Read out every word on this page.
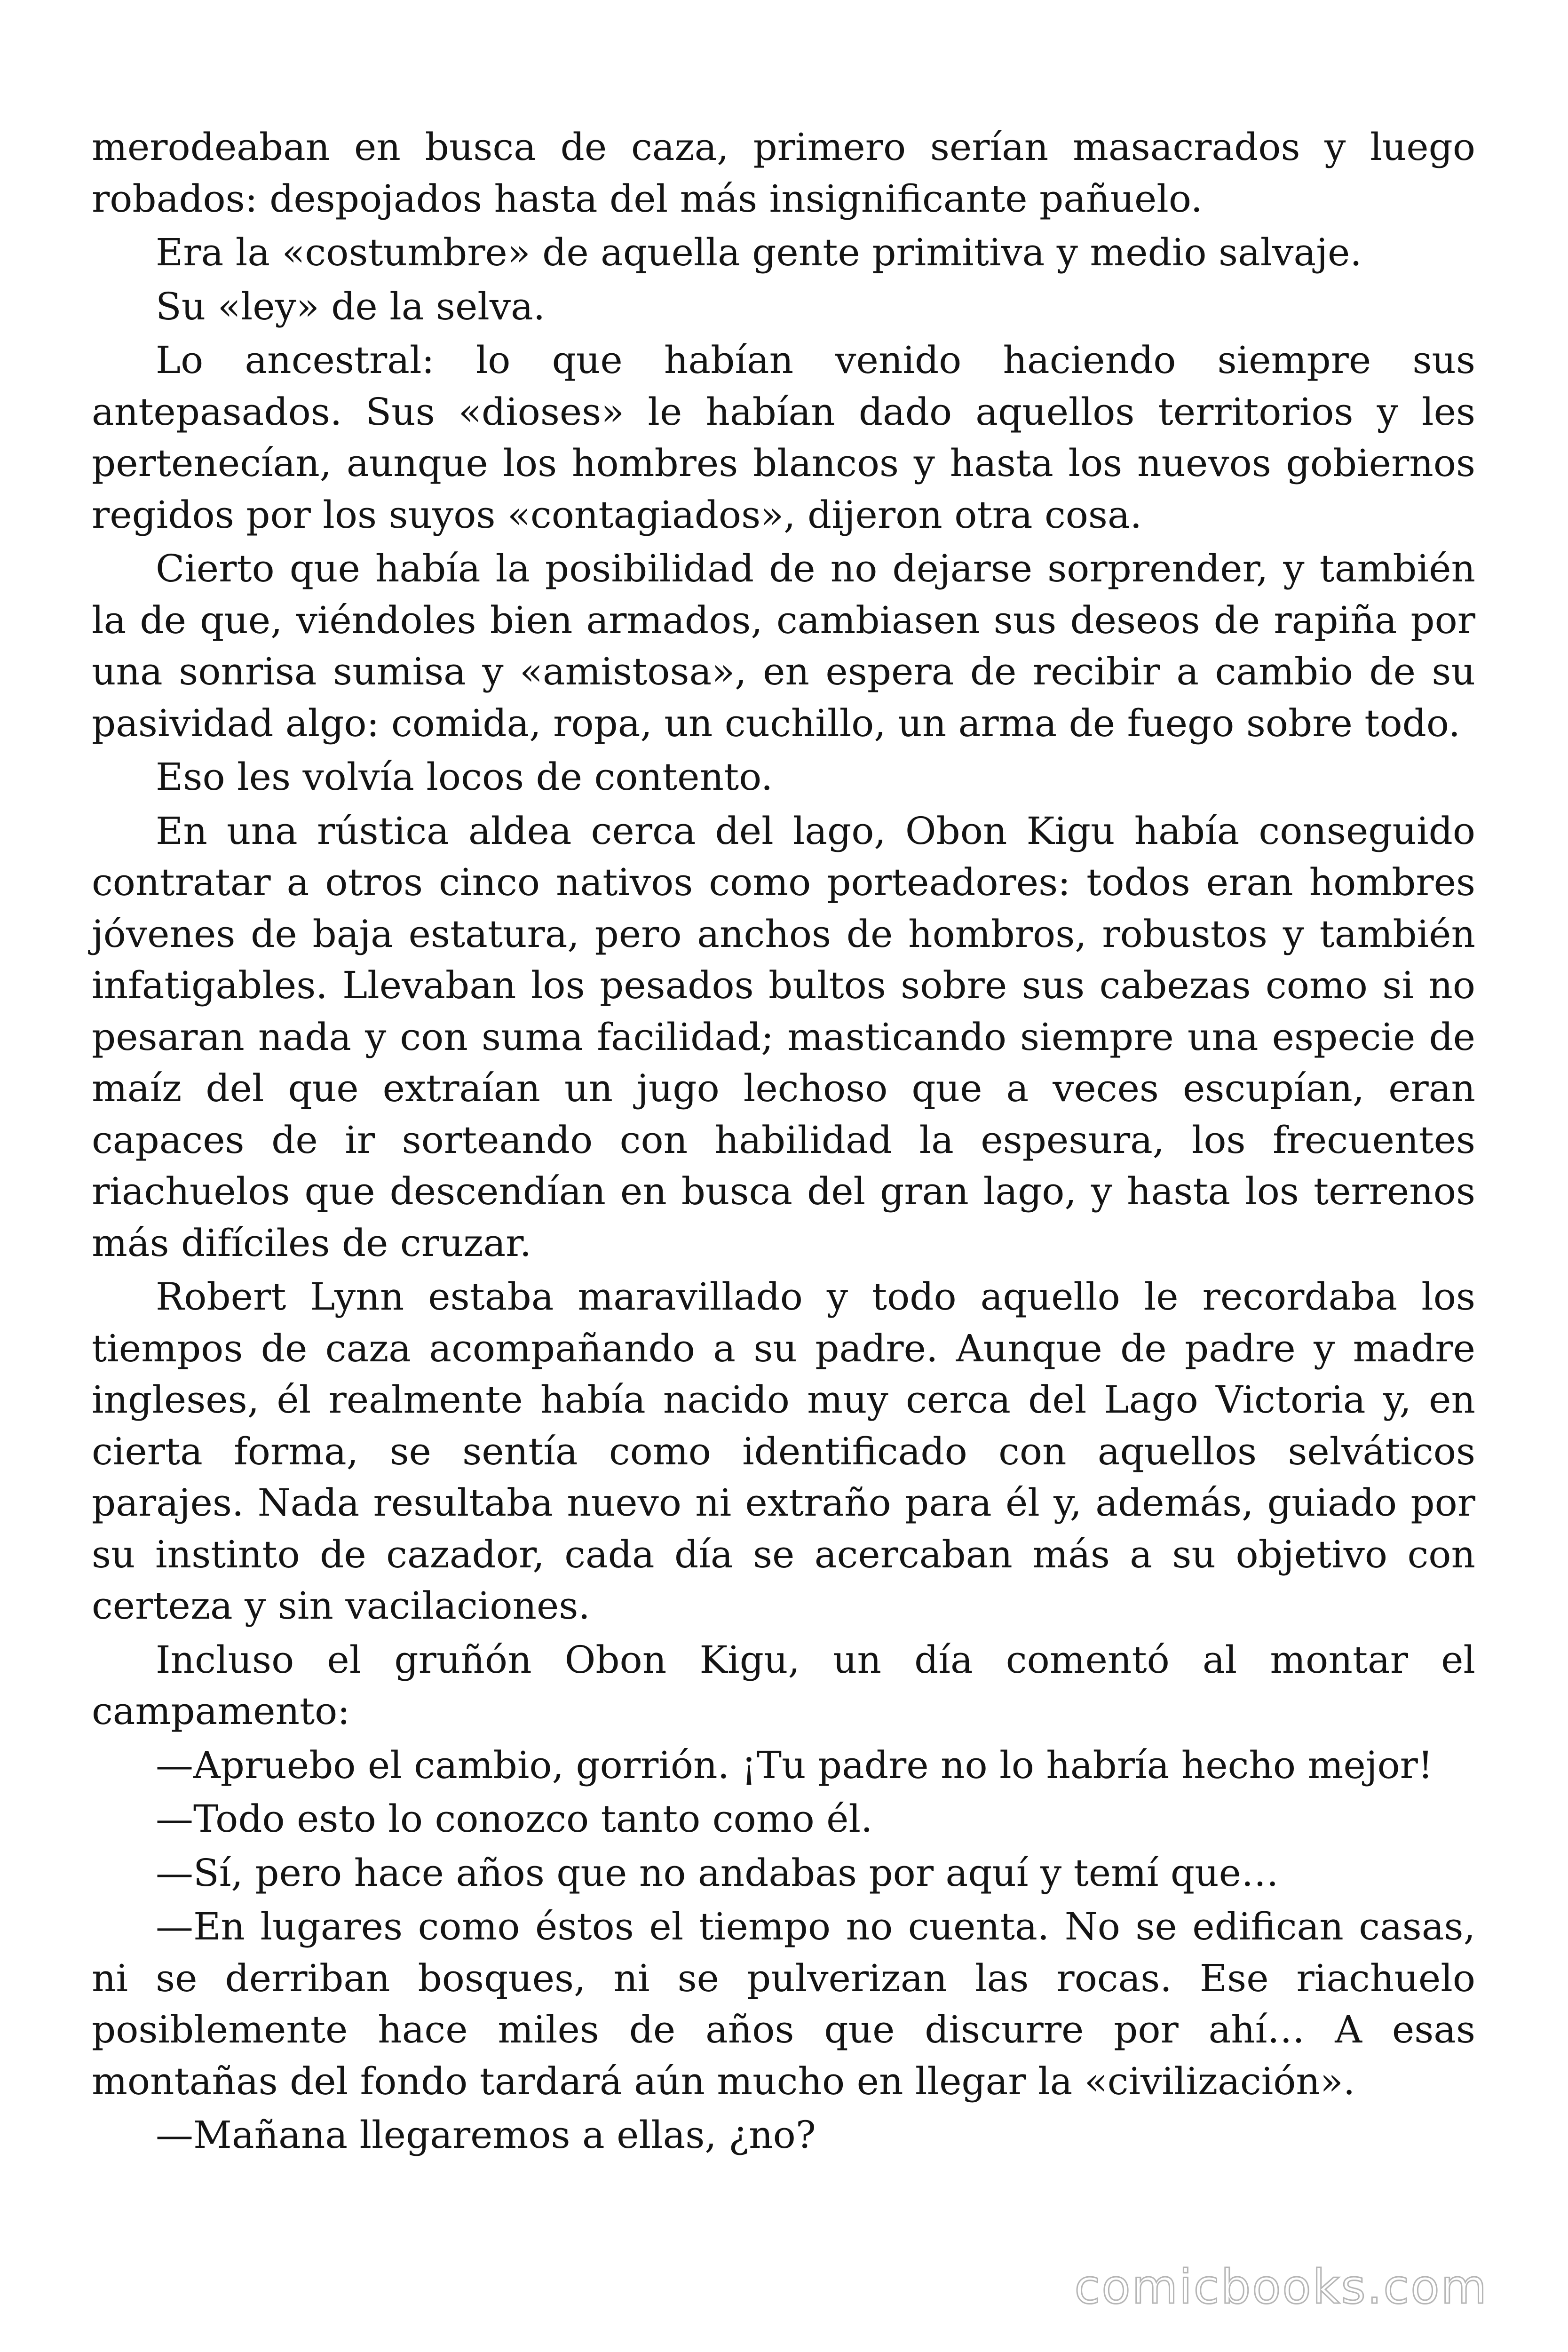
merodeaban en busca de caza, primero serían masacrados y luego robados: despojados hasta del más insignificante pañuelo.

Era la «costumbre» de aquella gente primitiva y medio salvaje.

Su «ley» de la selva.

Lo ancestral: lo que habían venido haciendo siempre sus antepasados. Sus «dioses» le habían dado aquellos territorios y les pertenecían, aunque los hombres blancos y hasta los nuevos gobiernos regidos por los suyos «contagiados», dijeron otra cosa.

Cierto que había la posibilidad de no dejarse sorprender, y también la de que, viéndoles bien armados, cambiasen sus deseos de rapiña por una sonrisa sumisa y «amistosa», en espera de recibir a cambio de su pasividad algo: comida, ropa, un cuchillo, un arma de fuego sobre todo.

Eso les volvía locos de contento.

En una rústica aldea cerca del lago, Obon Kigu había conseguido contratar a otros cinco nativos como porteadores: todos eran hombres jóvenes de baja estatura, pero anchos de hombros, robustos y también infatigables. Llevaban los pesados bultos sobre sus cabezas como si no pesaran nada y con suma facilidad; masticando siempre una especie de maíz del que extraían un jugo lechoso que a veces escupían, eran capaces de ir sorteando con habilidad la espesura, los frecuentes riachuelos que descendían en busca del gran lago, y hasta los terrenos más difíciles de cruzar.

Robert Lynn estaba maravillado y todo aquello le recordaba los tiempos de caza acompañando a su padre. Aunque de padre y madre ingleses, él realmente había nacido muy cerca del Lago Victoria y, en cierta forma, se sentía como identificado con aquellos selváticos parajes. Nada resultaba nuevo ni extraño para él y, además, guiado por su instinto de cazador, cada día se acercaban más a su objetivo con certeza y sin vacilaciones.

Incluso el gruñón Obon Kigu, un día comentó al montar el campamento:

—Apruebo el cambio, gorrión. ¡Tu padre no lo habría hecho mejor!

—Todo esto lo conozco tanto como él.

—Sí, pero hace años que no andabas por aquí y temí que…

—En lugares como éstos el tiempo no cuenta. No se edifican casas, ni se derriban bosques, ni se pulverizan las rocas. Ese riachuelo posiblemente hace miles de años que discurre por ahí… A esas montañas del fondo tardará aún mucho en llegar la «civilización».

—Mañana llegaremos a ellas, ¿no?

comicbooks.com
